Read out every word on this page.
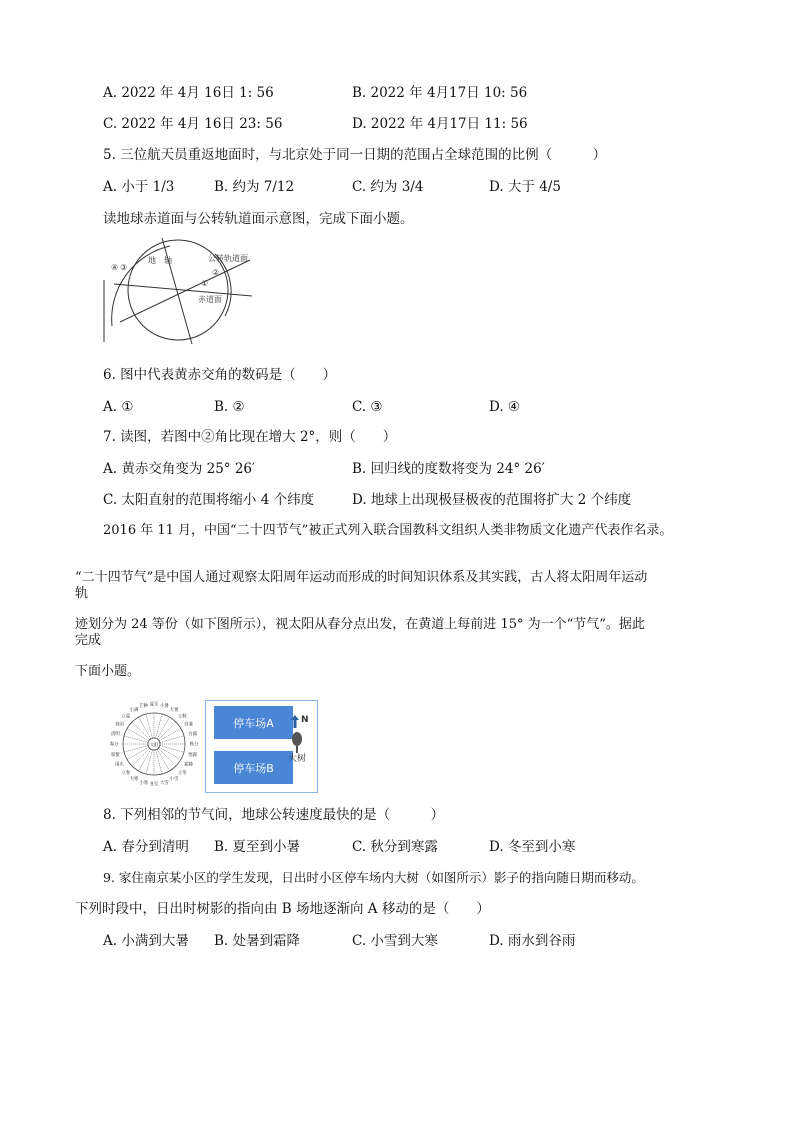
A. 2022 年 4月 16日 1: 56	B. 2022 年 4月17日 10: 56
C. 2022 年 4月 16日 23: 56	D. 2022 年 4月17日 11: 56
5. 三位航天员重返地面时，与北京处于同一日期的范围占全球范围的比例（　　　）
A. 小于 1/3	B. 约为 7/12	C. 约为 3/4	D. 大于 4/5
读地球赤道面与公转轨道面示意图，完成下面小题。
地　轴	公转轨道面
赤道面
①
②
③
④
6. 图中代表黄赤交角的数码是（　　）
A. ①	B. ②	C. ③	D. ④
7. 读图，若图中②角比现在增大 2°，则（　　）
A. 黄赤交角变为 25° 26′	B. 回归线的度数将变为 24° 26′
C. 太阳直射的范围将缩小 4 个纬度	D. 地球上出现极昼极夜的范围将扩大 2 个纬度
2016 年 11 月，中国“二十四节气”被正式列入联合国教科文组织人类非物质文化遗产代表作名录。
“二十四节气”是中国人通过观察太阳周年运动而形成的时间知识体系及其实践，古人将太阳周年运动
轨
迹划分为 24 等份（如下图所示），视太阳从春分点出发，在黄道上每前进 15° 为一个“节气”。据此
完成
下面小题。
太阳
春分
清明
谷雨
立夏
小满
芒种 夏至 小暑
大暑
立秋
处暑
白露
秋分
寒露
霜降
立冬
小雪
大雪
冬至
小寒
大寒
立春
雨水
惊蛰
停车场A
停车场B
N
大树
8. 下列相邻的节气间，地球公转速度最快的是（　　　）
A. 春分到清明 B. 夏至到小暑	C. 秋分到寒露	D. 冬至到小寒
9. 家住南京某小区的学生发现，日出时小区停车场内大树（如图所示）影子的指向随日期而移动。
下列时段中，日出时树影的指向由 B 场地逐渐向 A 移动的是（　　）
A. 小满到大暑 B. 处暑到霜降	C. 小雪到大寒	D. 雨水到谷雨
